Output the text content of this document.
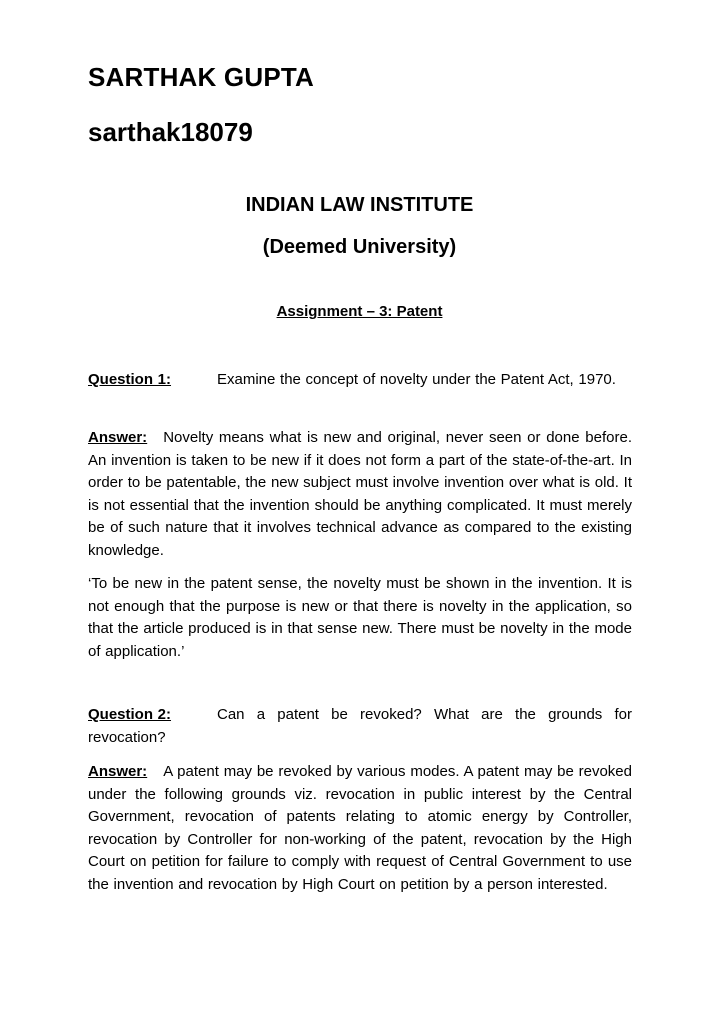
SARTHAK GUPTA
sarthak18079
INDIAN LAW INSTITUTE
(Deemed University)
Assignment – 3: Patent
Question 1:	Examine the concept of novelty under the Patent Act, 1970.
Answer: Novelty means what is new and original, never seen or done before. An invention is taken to be new if it does not form a part of the state-of-the-art. In order to be patentable, the new subject must involve invention over what is old. It is not essential that the invention should be anything complicated. It must merely be of such nature that it involves technical advance as compared to the existing knowledge.
‘To be new in the patent sense, the novelty must be shown in the invention. It is not enough that the purpose is new or that there is novelty in the application, so that the article produced is in that sense new. There must be novelty in the mode of application.’
Question 2:	Can a patent be revoked? What are the grounds for revocation?
Answer: A patent may be revoked by various modes. A patent may be revoked under the following grounds viz. revocation in public interest by the Central Government, revocation of patents relating to atomic energy by Controller, revocation by Controller for non-working of the patent, revocation by the High Court on petition for failure to comply with request of Central Government to use the invention and revocation by High Court on petition by a person interested.
